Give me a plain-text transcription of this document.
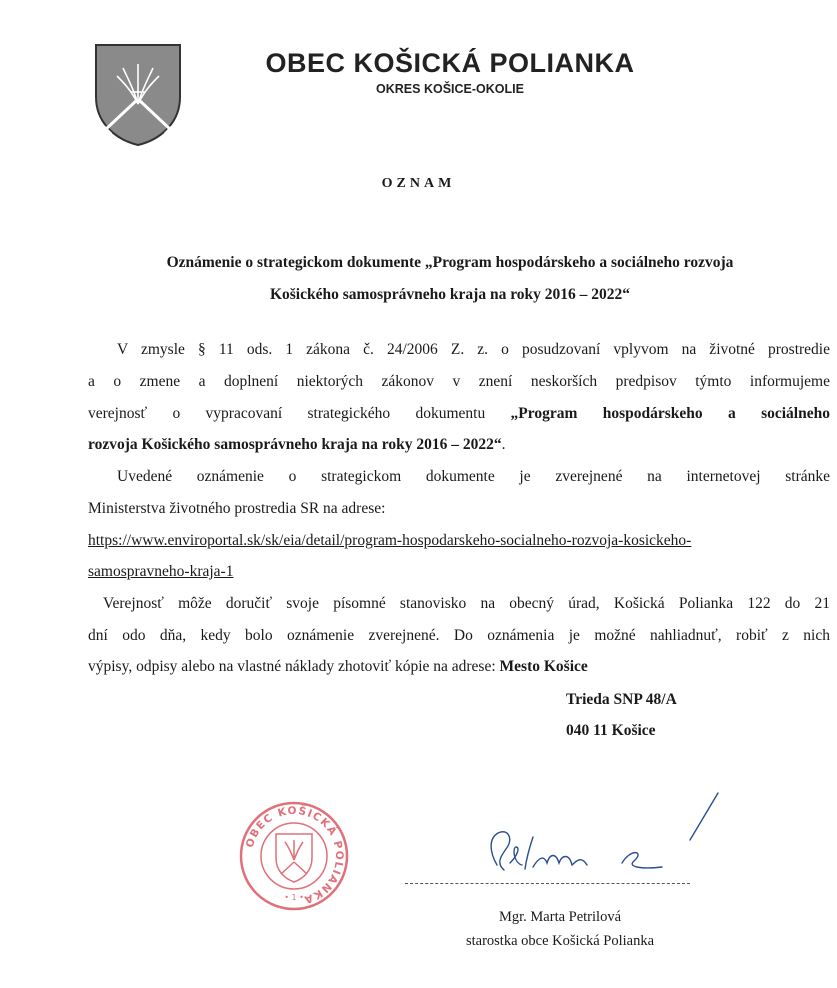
OBEC KOŠICKÁ POLIANKA
OKRES KOŠICE-OKOLIE
OZNAM
Oznámenie o strategickom dokumente „Program hospodárskeho a sociálneho rozvoja
Košického samosprávneho kraja na roky 2016 – 2022“
V zmysle § 11 ods. 1 zákona č. 24/2006 Z. z. o posudzovaní vplyvom na životné prostredie
a o zmene a doplnení niektorých zákonov v znení neskorších predpisov týmto informujeme
verejnosť o vypracovaní strategického dokumentu „Program hospodárskeho a sociálneho
rozvoja Košického samosprávneho kraja na roky 2016 – 2022“.
Uvedené oznámenie o strategickom dokumente je zverejnené na internetovej stránke
Ministerstva životného prostredia SR na adrese:
https://www.enviroportal.sk/sk/eia/detail/program-hospodarskeho-socialneho-rozvoja-kosickeho-
samospravneho-kraja-1
Verejnosť môže doručiť svoje písomné stanovisko na obecný úrad, Košická Polianka 122 do 21
dní odo dňa, kedy bolo oznámenie zverejnené. Do oznámenia je možné nahliadnuť, robiť z nich
výpisy, odpisy alebo na vlastné náklady zhotoviť kópie na adrese: Mesto Košice
Trieda SNP 48/A
040 11 Košice
OBEC KOŠICKÁ POLIANKA
• 1 •
Mgr. Marta Petrilová
starostka obce Košická Polianka
